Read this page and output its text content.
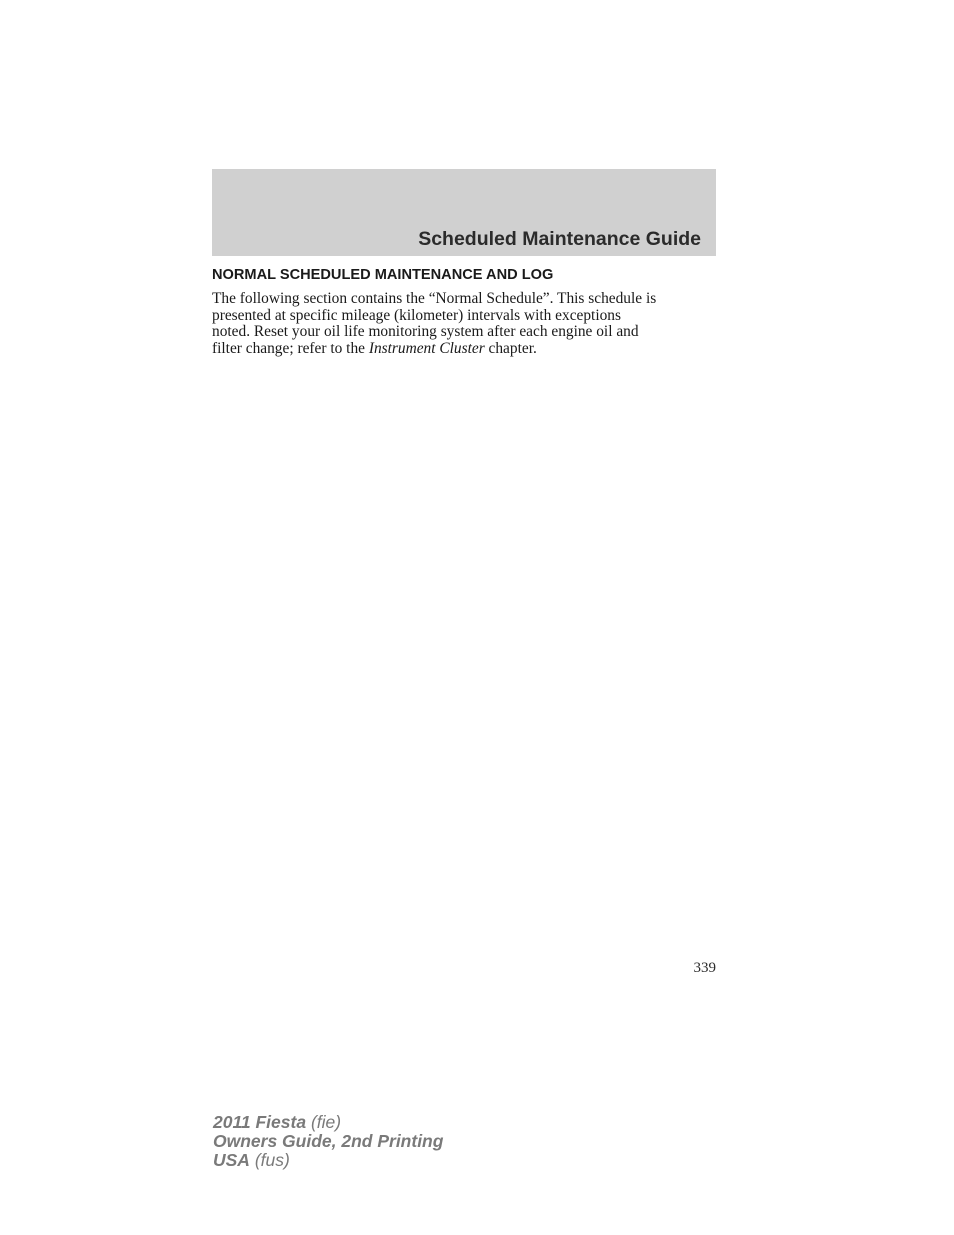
Scheduled Maintenance Guide
NORMAL SCHEDULED MAINTENANCE AND LOG
The following section contains the “Normal Schedule”. This schedule is
presented at specific mileage (kilometer) intervals with exceptions
noted. Reset your oil life monitoring system after each engine oil and
filter change; refer to the Instrument Cluster chapter.
339
2011 Fiesta (fie)
Owners Guide, 2nd Printing
USA (fus)
